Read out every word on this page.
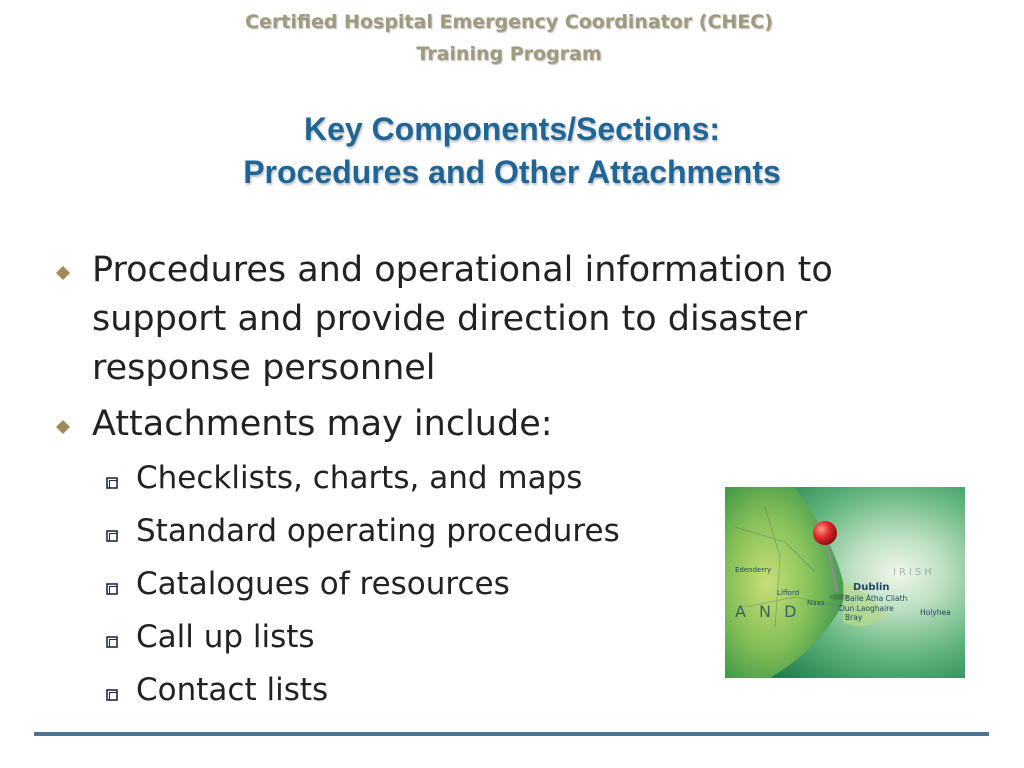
Certified Hospital Emergency Coordinator (CHEC)
Training Program
Key Components/Sections:
Procedures and Other Attachments
Procedures and operational information to
support and provide direction to disaster
response personnel
Attachments may include:
Checklists, charts, and maps
Standard operating procedures
Catalogues of resources
Call up lists
Contact lists
Dublin
Baile Átha Cliath
Dun Laoghaire
Bray
Holyhea
Naas
Lifford
Edenderry
A N D
IRISH
